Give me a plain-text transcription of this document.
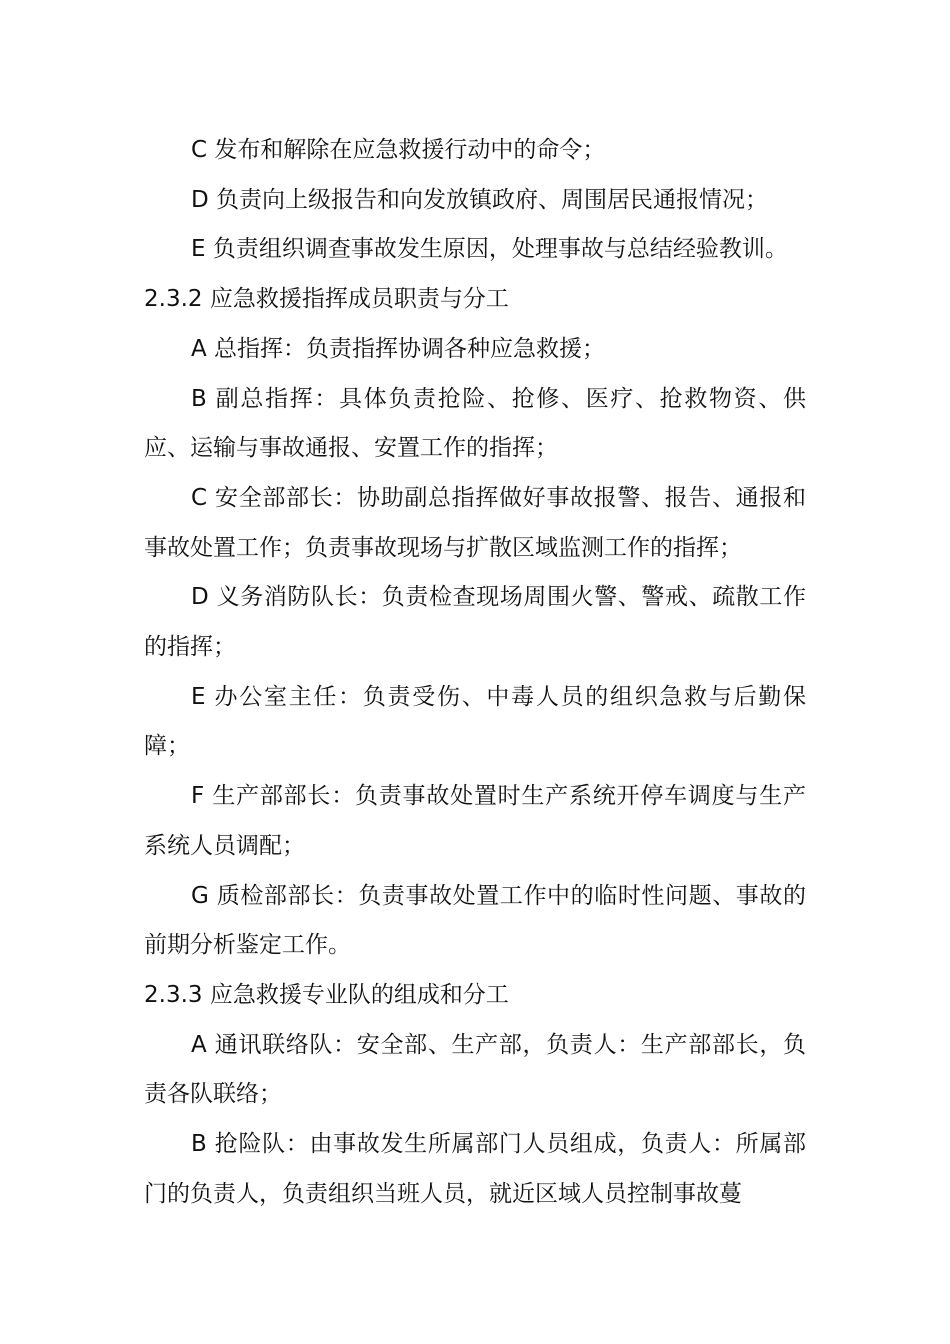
C 发布和解除在应急救援行动中的命令；

D 负责向上级报告和向发放镇政府、周围居民通报情况；

E 负责组织调查事故发生原因，处理事故与总结经验教训。

2.3.2 应急救援指挥成员职责与分工

A 总指挥：负责指挥协调各种应急救援；

B 副总指挥：具体负责抢险、抢修、医疗、抢救物资、供应、运输与事故通报、安置工作的指挥；

C 安全部部长：协助副总指挥做好事故报警、报告、通报和事故处置工作；负责事故现场与扩散区域监测工作的指挥；

D 义务消防队长：负责检查现场周围火警、警戒、疏散工作的指挥；

E 办公室主任：负责受伤、中毒人员的组织急救与后勤保障；

F 生产部部长：负责事故处置时生产系统开停车调度与生产系统人员调配；

G 质检部部长：负责事故处置工作中的临时性问题、事故的前期分析鉴定工作。

2.3.3 应急救援专业队的组成和分工

A 通讯联络队：安全部、生产部，负责人：生产部部长，负责各队联络；

B 抢险队：由事故发生所属部门人员组成，负责人：所属部门的负责人，负责组织当班人员，就近区域人员控制事故蔓
